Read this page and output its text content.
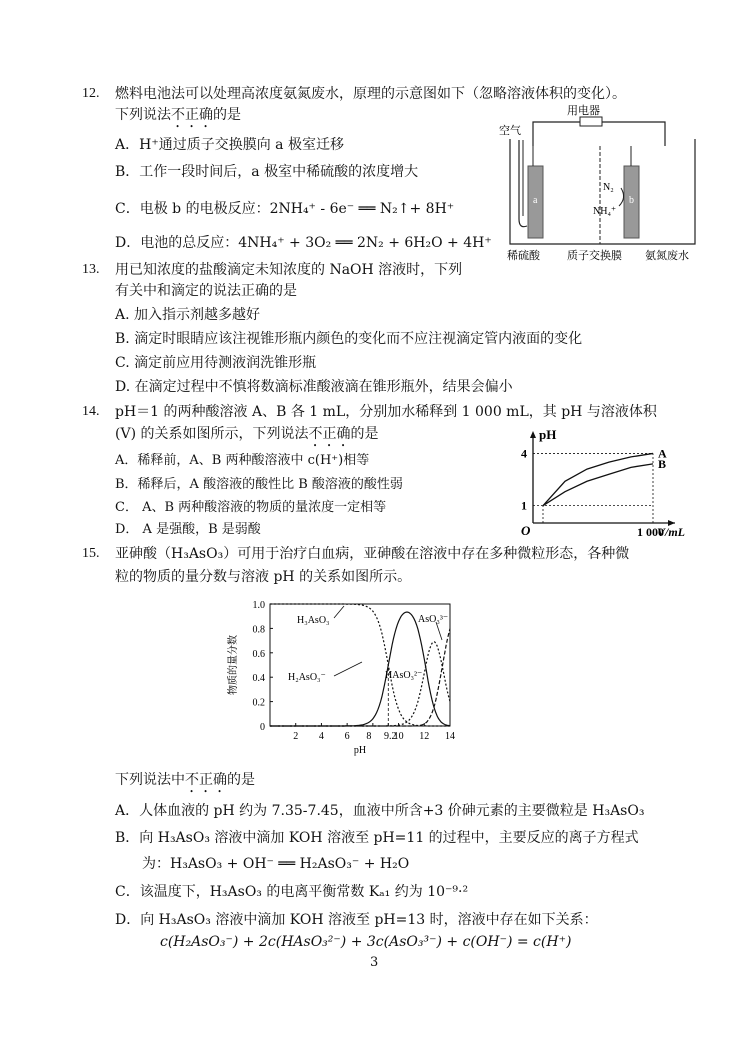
12. 燃料电池法可以处理高浓度氨氮废水，原理的示意图如下（忽略溶液体积的变化）。
下列说法不正确的是
A．H⁺通过质子交换膜向 a 极室迁移
B．工作一段时间后，a 极室中稀硫酸的浓度增大
C．电极 b 的电极反应：2NH₄⁺ - 6e⁻ ══ N₂↑+ 8H⁺
D．电池的总反应：4NH₄⁺ + 3O₂ ══ 2N₂ + 6H₂O + 4H⁺
用电器
空气
a	b
N₂
NH₄⁺
稀硫酸 质子交换膜 氨氮废水
13. 用已知浓度的盐酸滴定未知浓度的 NaOH 溶液时，下列
有关中和滴定的说法正确的是
A. 加入指示剂越多越好
B. 滴定时眼睛应该注视锥形瓶内颜色的变化而不应注视滴定管内液面的变化
C. 滴定前应用待测液润洗锥形瓶
D. 在滴定过程中不慎将数滴标准酸液滴在锥形瓶外，结果会偏小
14. pH＝1 的两种酸溶液 A、B 各 1 mL，分别加水稀释到 1 000 mL，其 pH 与溶液体积
(V) 的关系如图所示，下列说法不正确的是
A．稀释前，A、B 两种酸溶液中 c(H⁺)相等
B．稀释后，A 酸溶液的酸性比 B 酸溶液的酸性弱
C． A、B 两种酸溶液的物质的量浓度一定相等
D． A 是强酸，B 是弱酸	O
pH
V/mL
1
4
1 000
A
B
15. 亚砷酸（H₃AsO₃）可用于治疗白血病，亚砷酸在溶液中存在多种微粒形态，各种微
粒的物质的量分数与溶液 pH 的关系如图所示。
0
0.2
0.4
0.6
0.8
1.0
2 4 6 8 9.2
10 12 14
pH
物质的量分数
H₃AsO₃
H₂AsO₃⁻	HAsO₃²⁻
AsO₃³⁻
下列说法中不正确的是
A．人体血液的 pH 约为 7.35-7.45，血液中所含+3 价砷元素的主要微粒是 H₃AsO₃
B．向 H₃AsO₃ 溶液中滴加 KOH 溶液至 pH=11 的过程中，主要反应的离子方程式
为：H₃AsO₃ + OH⁻ ══ H₂AsO₃⁻ + H₂O
C．该温度下，H₃AsO₃ 的电离平衡常数 Kₐ₁ 约为 10⁻⁹·²
D．向 H₃AsO₃ 溶液中滴加 KOH 溶液至 pH=13 时，溶液中存在如下关系：
c(H₂AsO₃⁻) + 2c(HAsO₃²⁻) + 3c(AsO₃³⁻) + c(OH⁻) = c(H⁺)
3
